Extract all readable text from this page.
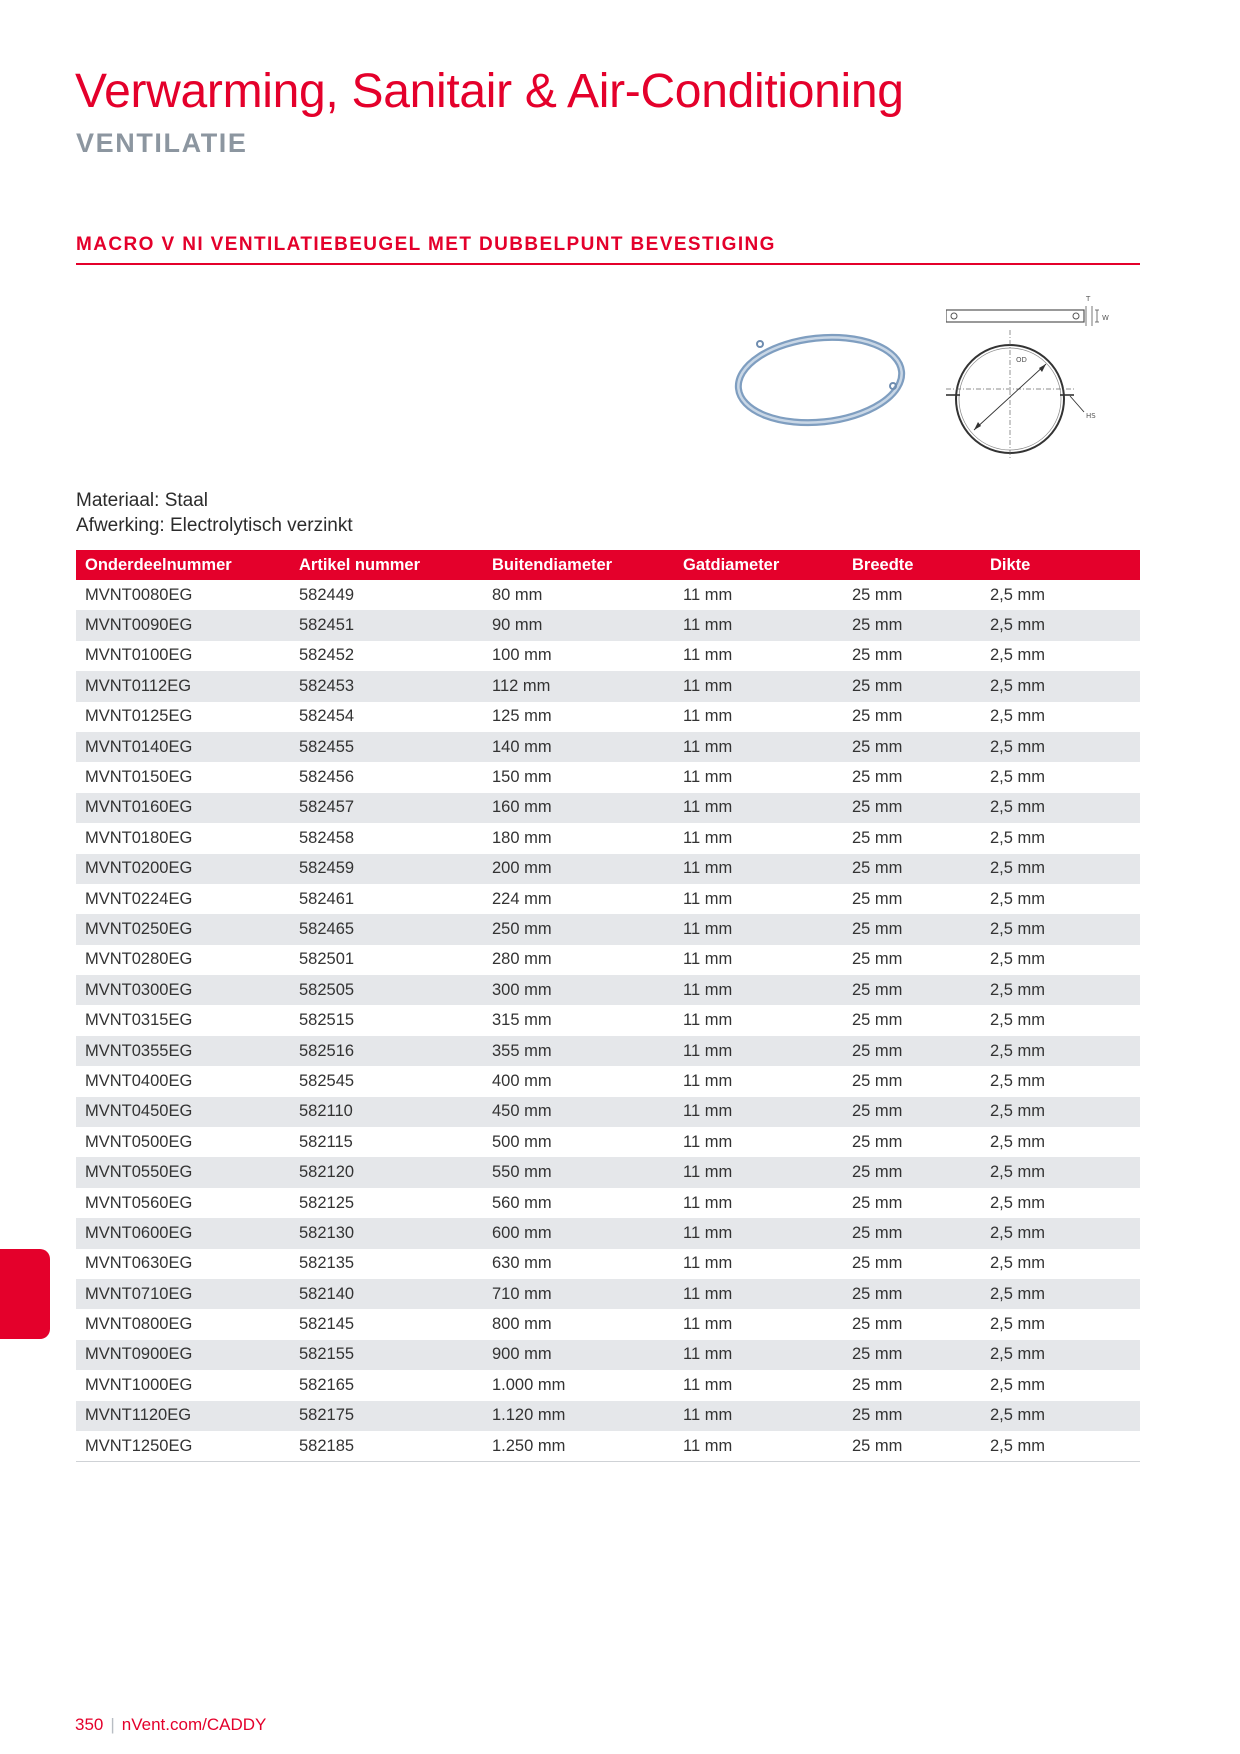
Verwarming, Sanitair & Air-Conditioning
VENTILATIE
MACRO V NI VENTILATIEBEUGEL MET DUBBELPUNT BEVESTIGING
T
W
OD
HS
Materiaal: Staal
Afwerking: Electrolytisch verzinkt
Onderdeelnummer	Artikel nummer	Buitendiameter	Gatdiameter	Breedte	Dikte
MVNT0080EG	582449	80 mm	11 mm	25 mm	2,5 mm
MVNT0090EG	582451	90 mm	11 mm	25 mm	2,5 mm
MVNT0100EG	582452	100 mm	11 mm	25 mm	2,5 mm
MVNT0112EG	582453	112 mm	11 mm	25 mm	2,5 mm
MVNT0125EG	582454	125 mm	11 mm	25 mm	2,5 mm
MVNT0140EG	582455	140 mm	11 mm	25 mm	2,5 mm
MVNT0150EG	582456	150 mm	11 mm	25 mm	2,5 mm
MVNT0160EG	582457	160 mm	11 mm	25 mm	2,5 mm
MVNT0180EG	582458	180 mm	11 mm	25 mm	2,5 mm
MVNT0200EG	582459	200 mm	11 mm	25 mm	2,5 mm
MVNT0224EG	582461	224 mm	11 mm	25 mm	2,5 mm
MVNT0250EG	582465	250 mm	11 mm	25 mm	2,5 mm
MVNT0280EG	582501	280 mm	11 mm	25 mm	2,5 mm
MVNT0300EG	582505	300 mm	11 mm	25 mm	2,5 mm
MVNT0315EG	582515	315 mm	11 mm	25 mm	2,5 mm
MVNT0355EG	582516	355 mm	11 mm	25 mm	2,5 mm
MVNT0400EG	582545	400 mm	11 mm	25 mm	2,5 mm
MVNT0450EG	582110	450 mm	11 mm	25 mm	2,5 mm
MVNT0500EG	582115	500 mm	11 mm	25 mm	2,5 mm
MVNT0550EG	582120	550 mm	11 mm	25 mm	2,5 mm
MVNT0560EG	582125	560 mm	11 mm	25 mm	2,5 mm
MVNT0600EG	582130	600 mm	11 mm	25 mm	2,5 mm
MVNT0630EG	582135	630 mm	11 mm	25 mm	2,5 mm
MVNT0710EG	582140	710 mm	11 mm	25 mm	2,5 mm
MVNT0800EG	582145	800 mm	11 mm	25 mm	2,5 mm
MVNT0900EG	582155	900 mm	11 mm	25 mm	2,5 mm
MVNT1000EG	582165	1.000 mm	11 mm	25 mm	2,5 mm
MVNT1120EG	582175	1.120 mm	11 mm	25 mm	2,5 mm
MVNT1250EG	582185	1.250 mm	11 mm	25 mm	2,5 mm
350 | nVent.com/CADDY
